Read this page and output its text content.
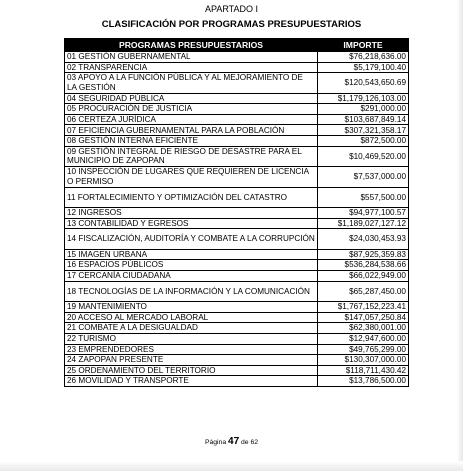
APARTADO I
CLASIFICACIÓN POR PROGRAMAS PRESUPUESTARIOS
PROGRAMAS PRESUPUESTARIOS	IMPORTE
01 GESTIÓN GUBERNAMENTAL	$76,218,636.00
02 TRANSPARENCIA	$5,179,100.40
03 APOYO A LA FUNCIÓN PÚBLICA Y AL MEJORAMIENTO DE LA GESTIÓN	$120,543,650.69
04 SEGURIDAD PÚBLICA	$1,179,126,103.00
05 PROCURACIÓN DE JUSTICIA	$291,000.00
06 CERTEZA JURÍDICA	$103,687,849.14
07 EFICIENCIA GUBERNAMENTAL PARA LA POBLACIÓN	$307,321,358.17
08 GESTIÓN INTERNA EFICIENTE	$872,500.00
09 GESTIÓN INTEGRAL DE RIESGO DE DESASTRE PARA EL MUNICIPIO DE ZAPOPAN	$10,469,520.00
10 INSPECCIÓN DE LUGARES QUE REQUIEREN DE LICENCIA O PERMISO	$7,537,000.00
11 FORTALECIMIENTO Y OPTIMIZACIÓN DEL CATASTRO	$557,500.00
12 INGRESOS	$94,977,100.57
13 CONTABILIDAD Y EGRESOS	$1,189,027,127.12
14 FISCALIZACIÓN, AUDITORÍA Y COMBATE A LA CORRUPCIÓN	$24,030,453.93
15 IMAGEN URBANA	$87,925,359.83
16 ESPACIOS PÚBLICOS	$536,284,538.66
17 CERCANÍA CIUDADANA	$66,022,949.00
18 TECNOLOGÍAS DE LA INFORMACIÓN Y LA COMUNICACIÓN	$65,287,450.00
19 MANTENIMIENTO	$1,767,152,223.41
20 ACCESO AL MERCADO LABORAL	$147,057,250.84
21 COMBATE A LA DESIGUALDAD	$62,380,001.00
22 TURISMO	$12,947,600.00
23 EMPRENDEDORES	$49,765,299.00
24 ZAPOPAN PRESENTE	$130,307,000.00
25 ORDENAMIENTO DEL TERRITORIO	$118,711,430.42
26 MOVILIDAD Y TRANSPORTE	$13,786,500.00
Página 47 de 62
